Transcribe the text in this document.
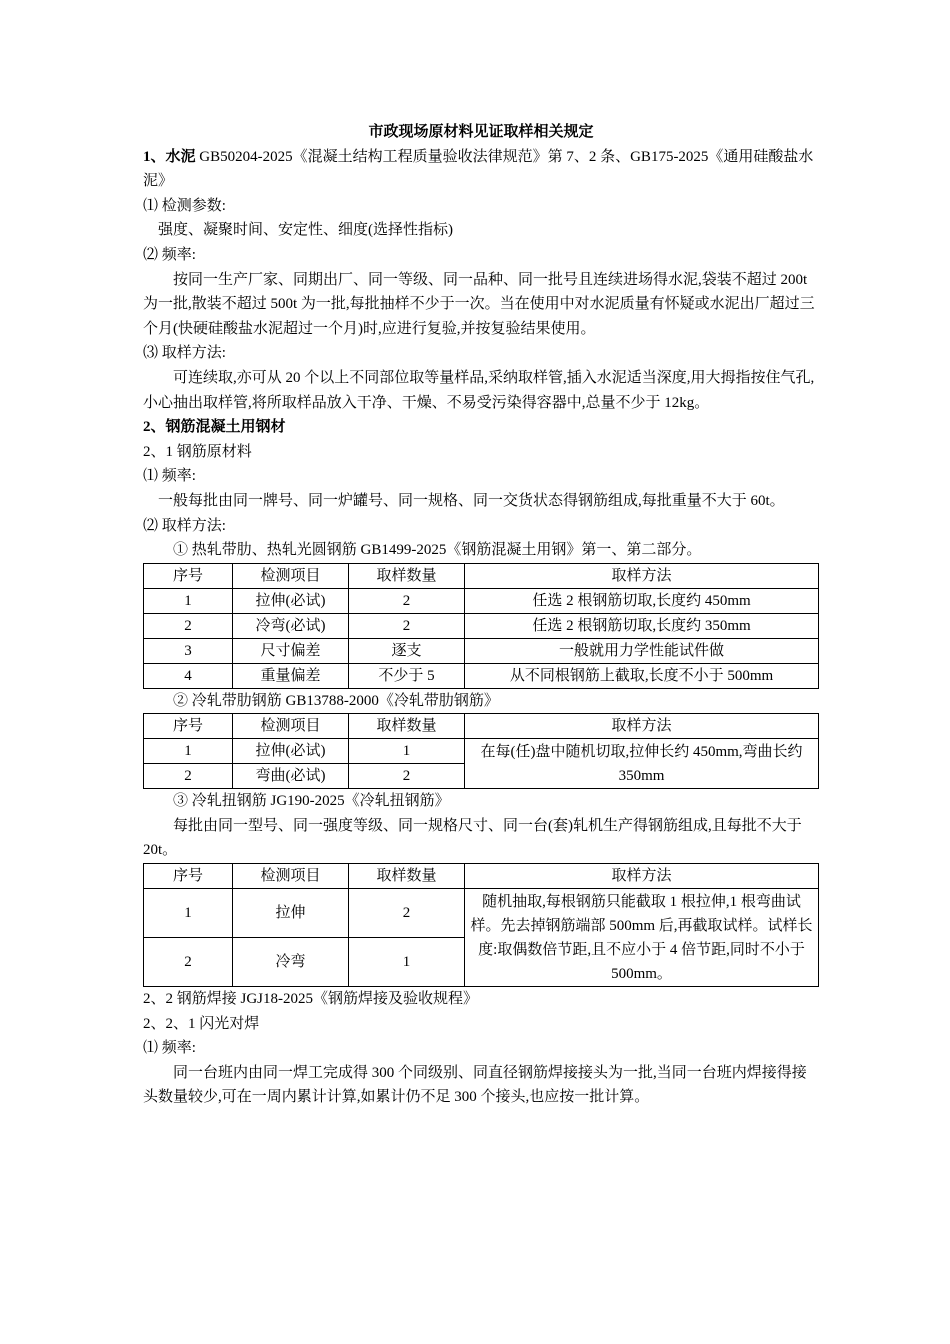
市政现场原材料见证取样相关规定

1、水泥 GB50204-2025《混凝土结构工程质量验收法律规范》第 7、2 条、GB175-2025《通用硅酸盐水泥》

⑴ 检测参数:

强度、凝聚时间、安定性、细度(选择性指标)

⑵ 频率:

按同一生产厂家、同期出厂、同一等级、同一品种、同一批号且连续进场得水泥,袋装不超过 200t 为一批,散装不超过 500t 为一批,每批抽样不少于一次。当在使用中对水泥质量有怀疑或水泥出厂超过三个月(快硬硅酸盐水泥超过一个月)时,应进行复验,并按复验结果使用。

⑶ 取样方法:

可连续取,亦可从 20 个以上不同部位取等量样品,采纳取样管,插入水泥适当深度,用大拇指按住气孔,小心抽出取样管,将所取样品放入干净、干燥、不易受污染得容器中,总量不少于 12kg。

2、钢筋混凝土用钢材

2、1 钢筋原材料

⑴ 频率:

一般每批由同一牌号、同一炉罐号、同一规格、同一交货状态得钢筋组成,每批重量不大于 60t。

⑵ 取样方法:

① 热轧带肋、热轧光圆钢筋 GB1499-2025《钢筋混凝土用钢》第一、第二部分。

序号	检测项目	取样数量	取样方法
1	拉伸(必试)	2	任选 2 根钢筋切取,长度约 450mm
2	冷弯(必试)	2	任选 2 根钢筋切取,长度约 350mm
3	尺寸偏差	逐支	一般就用力学性能试件做
4	重量偏差	不少于 5	从不同根钢筋上截取,长度不小于 500mm

② 冷轧带肋钢筋 GB13788-2000《冷轧带肋钢筋》

序号	检测项目	取样数量	取样方法
1	拉伸(必试)	1	在每(任)盘中随机切取,拉伸长约 450mm,弯曲长约 350mm
2	弯曲(必试)	2	

③ 冷轧扭钢筋 JG190-2025《冷轧扭钢筋》

每批由同一型号、同一强度等级、同一规格尺寸、同一台(套)轧机生产得钢筋组成,且每批不大于 20t。

序号	检测项目	取样数量	取样方法
1	拉伸	2	随机抽取,每根钢筋只能截取 1 根拉伸,1 根弯曲试样。先去掉钢筋端部 500mm 后,再截取试样。试样长度:取偶数倍节距,且不应小于 4 倍节距,同时不小于 500mm。
2	冷弯	1	

2、2 钢筋焊接 JGJ18-2025《钢筋焊接及验收规程》

2、2、1 闪光对焊

⑴ 频率:

同一台班内由同一焊工完成得 300 个同级别、同直径钢筋焊接接头为一批,当同一台班内焊接得接头数量较少,可在一周内累计计算,如累计仍不足 300 个接头,也应按一批计算。
